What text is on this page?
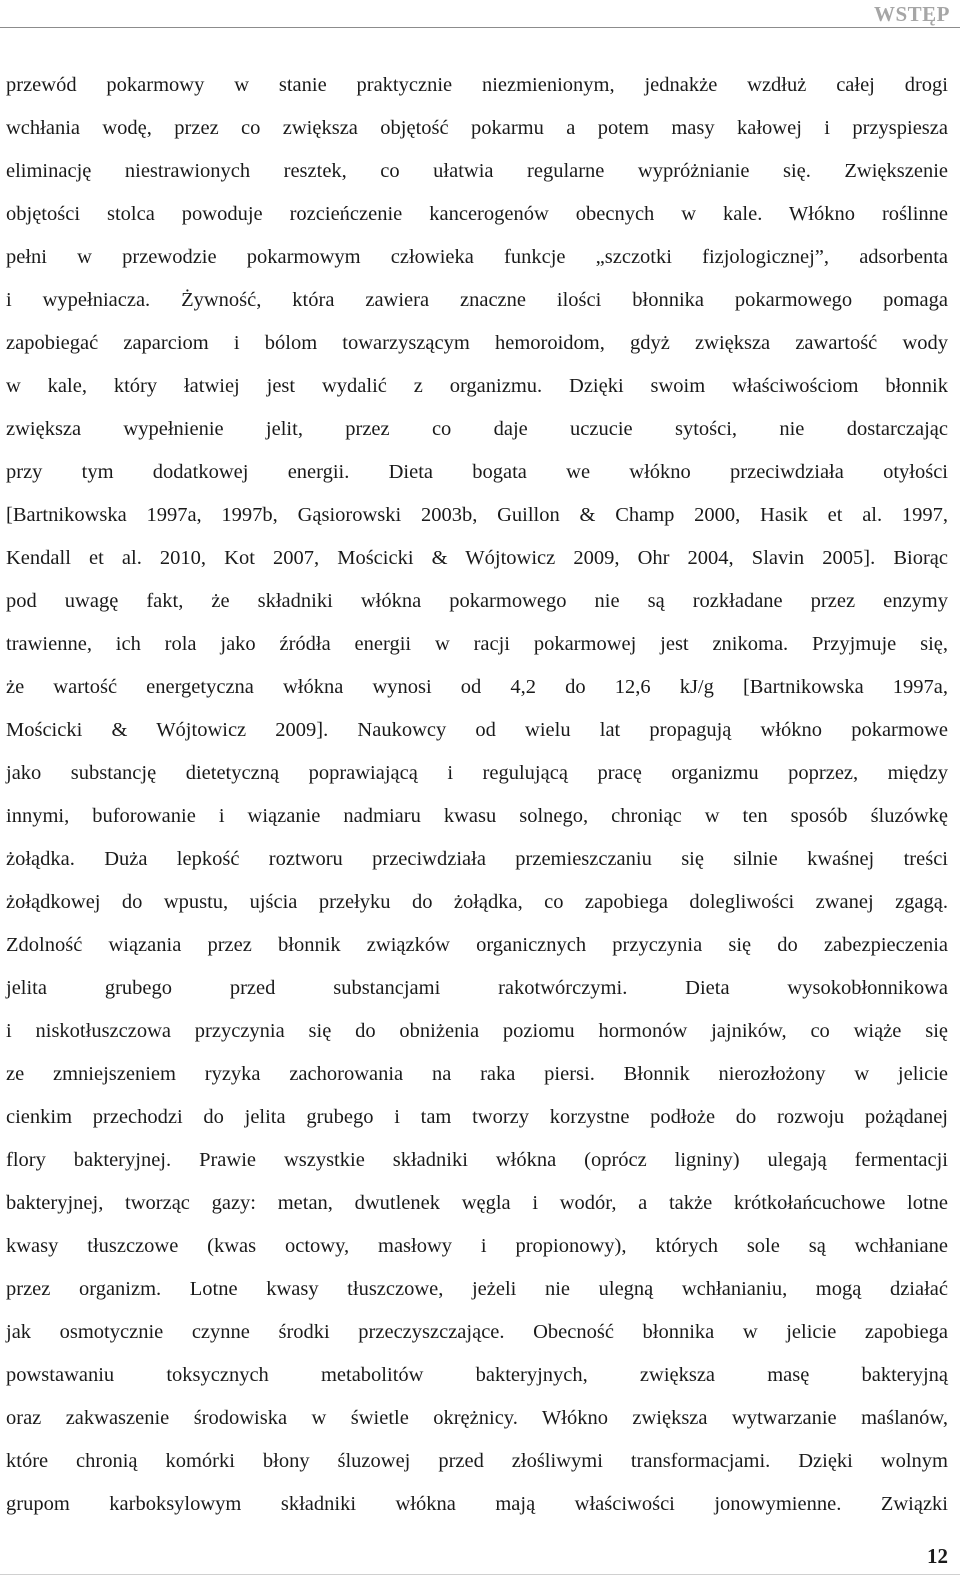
WSTĘP
przewód pokarmowy w stanie praktycznie niezmienionym, jednakże wzdłuż całej drogi
wchłania wodę, przez co zwiększa objętość pokarmu a potem masy kałowej i przyspiesza
eliminację niestrawionych resztek, co ułatwia regularne wypróżnianie się. Zwiększenie
objętości stolca powoduje rozcieńczenie kancerogenów obecnych w kale. Włókno roślinne
pełni w przewodzie pokarmowym człowieka funkcje „szczotki fizjologicznej”, adsorbenta
i wypełniacza. Żywność, która zawiera znaczne ilości błonnika pokarmowego pomaga
zapobiegać zaparciom i bólom towarzyszącym hemoroidom, gdyż zwiększa zawartość wody
w kale, który łatwiej jest wydalić z organizmu. Dzięki swoim właściwościom błonnik
zwiększa wypełnienie jelit, przez co daje uczucie sytości, nie dostarczając
przy tym dodatkowej energii. Dieta bogata we włókno przeciwdziała otyłości
[Bartnikowska 1997a, 1997b, Gąsiorowski 2003b, Guillon & Champ 2000, Hasik et al. 1997,
Kendall et al. 2010, Kot 2007, Mościcki & Wójtowicz 2009, Ohr 2004, Slavin 2005]. Biorąc
pod uwagę fakt, że składniki włókna pokarmowego nie są rozkładane przez enzymy
trawienne, ich rola jako źródła energii w racji pokarmowej jest znikoma. Przyjmuje się,
że wartość energetyczna włókna wynosi od 4,2 do 12,6 kJ/g [Bartnikowska 1997a,
Mościcki & Wójtowicz 2009]. Naukowcy od wielu lat propagują włókno pokarmowe
jako substancję dietetyczną poprawiającą i regulującą pracę organizmu poprzez, między
innymi, buforowanie i wiązanie nadmiaru kwasu solnego, chroniąc w ten sposób śluzówkę
żołądka. Duża lepkość roztworu przeciwdziała przemieszczaniu się silnie kwaśnej treści
żołądkowej do wpustu, ujścia przełyku do żołądka, co zapobiega dolegliwości zwanej zgagą.
Zdolność wiązania przez błonnik związków organicznych przyczynia się do zabezpieczenia
jelita grubego przed substancjami rakotwórczymi. Dieta wysokobłonnikowa
i niskotłuszczowa przyczynia się do obniżenia poziomu hormonów jajników, co wiąże się
ze zmniejszeniem ryzyka zachorowania na raka piersi. Błonnik nierozłożony w jelicie
cienkim przechodzi do jelita grubego i tam tworzy korzystne podłoże do rozwoju pożądanej
flory bakteryjnej. Prawie wszystkie składniki włókna (oprócz ligniny) ulegają fermentacji
bakteryjnej, tworząc gazy: metan, dwutlenek węgla i wodór, a także krótkołańcuchowe lotne
kwasy tłuszczowe (kwas octowy, masłowy i propionowy), których sole są wchłaniane
przez organizm. Lotne kwasy tłuszczowe, jeżeli nie ulegną wchłanianiu, mogą działać
jak osmotycznie czynne środki przeczyszczające. Obecność błonnika w jelicie zapobiega
powstawaniu toksycznych metabolitów bakteryjnych, zwiększa masę bakteryjną
oraz zakwaszenie środowiska w świetle okrężnicy. Włókno zwiększa wytwarzanie maślanów,
które chronią komórki błony śluzowej przed złośliwymi transformacjami. Dzięki wolnym
grupom karboksylowym składniki włókna mają właściwości jonowymienne. Związki
12
